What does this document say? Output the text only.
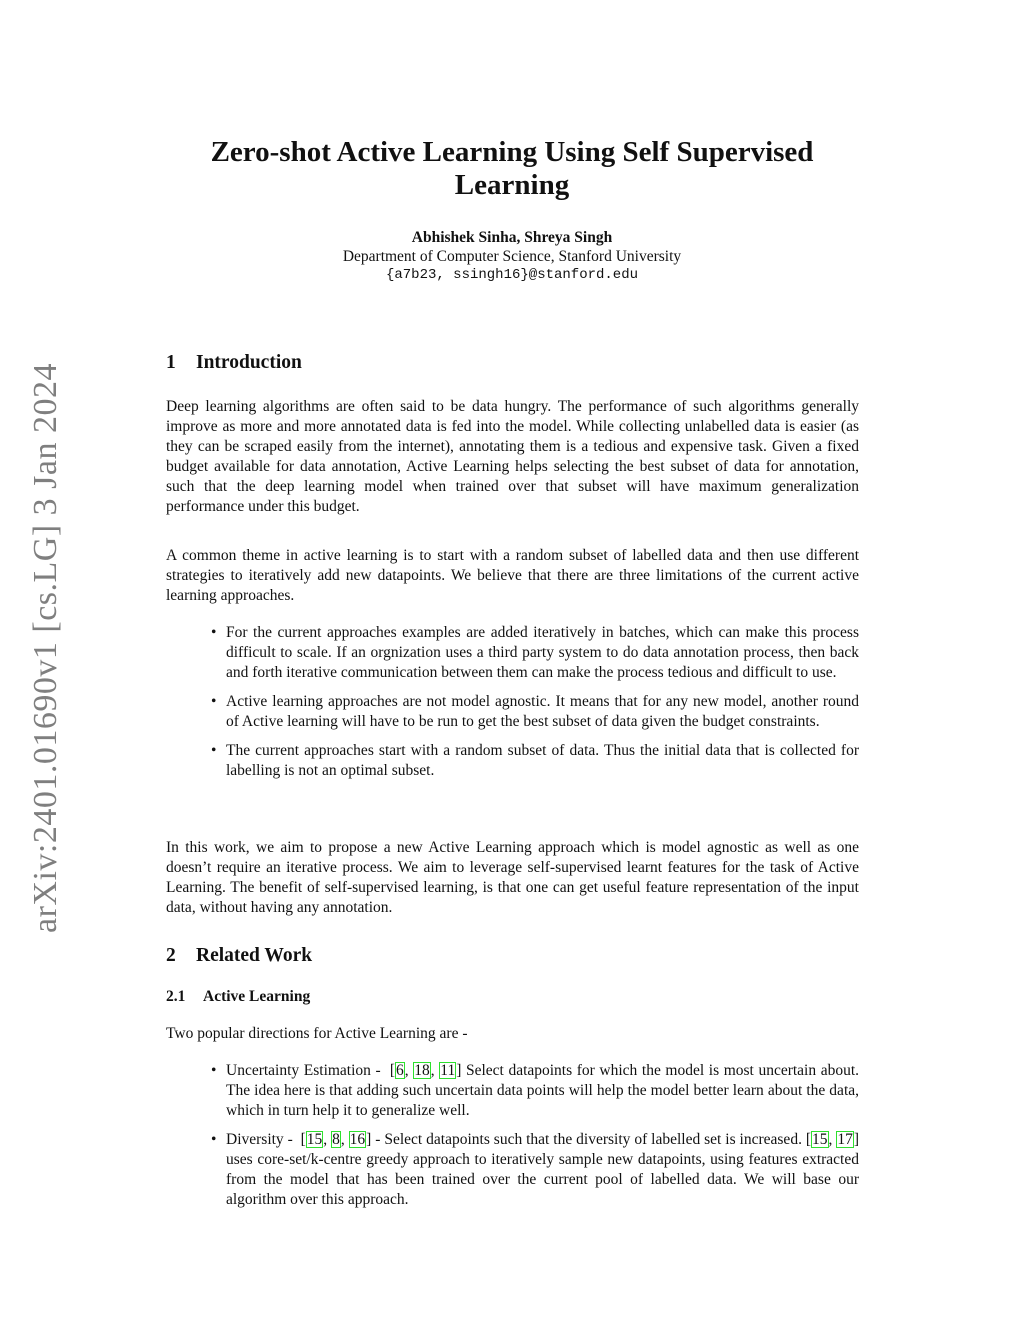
arXiv:2401.01690v1 [cs.LG] 3 Jan 2024
Zero-shot Active Learning Using Self Supervised Learning
Abhishek Sinha, Shreya Singh
Department of Computer Science, Stanford University
{a7b23, ssingh16}@stanford.edu
1 Introduction

Deep learning algorithms are often said to be data hungry. The performance of such algorithms generally improve as more and more annotated data is fed into the model. While collecting unlabelled data is easier (as they can be scraped easily from the internet), annotating them is a tedious and expensive task. Given a fixed budget available for data annotation, Active Learning helps selecting the best subset of data for annotation, such that the deep learning model when trained over that subset will have maximum generalization performance under this budget.

A common theme in active learning is to start with a random subset of labelled data and then use different strategies to iteratively add new datapoints. We believe that there are three limitations of the current active learning approaches.

• For the current approaches examples are added iteratively in batches, which can make this process difficult to scale. If an orgnization uses a third party system to do data annotation process, then back and forth iterative communication between them can make the process tedious and difficult to use.
• Active learning approaches are not model agnostic. It means that for any new model, another round of Active learning will have to be run to get the best subset of data given the budget constraints.
• The current approaches start with a random subset of data. Thus the initial data that is collected for labelling is not an optimal subset.

In this work, we aim to propose a new Active Learning approach which is model agnostic as well as one doesn’t require an iterative process. We aim to leverage self-supervised learnt features for the task of Active Learning. The benefit of self-supervised learning, is that one can get useful feature representation of the input data, without having any annotation.

2 Related Work
2.1 Active Learning

Two popular directions for Active Learning are -

• Uncertainty Estimation -  [6, 18, 11] Select datapoints for which the model is most uncertain about. The idea here is that adding such uncertain data points will help the model better learn about the data, which in turn help it to generalize well.
• Diversity -  [15, 8, 16] - Select datapoints such that the diversity of labelled set is increased. [15, 17] uses core-set/k-centre greedy approach to iteratively sample new datapoints, using features extracted from the model that has been trained over the current pool of labelled data. We will base our algorithm over this approach.
